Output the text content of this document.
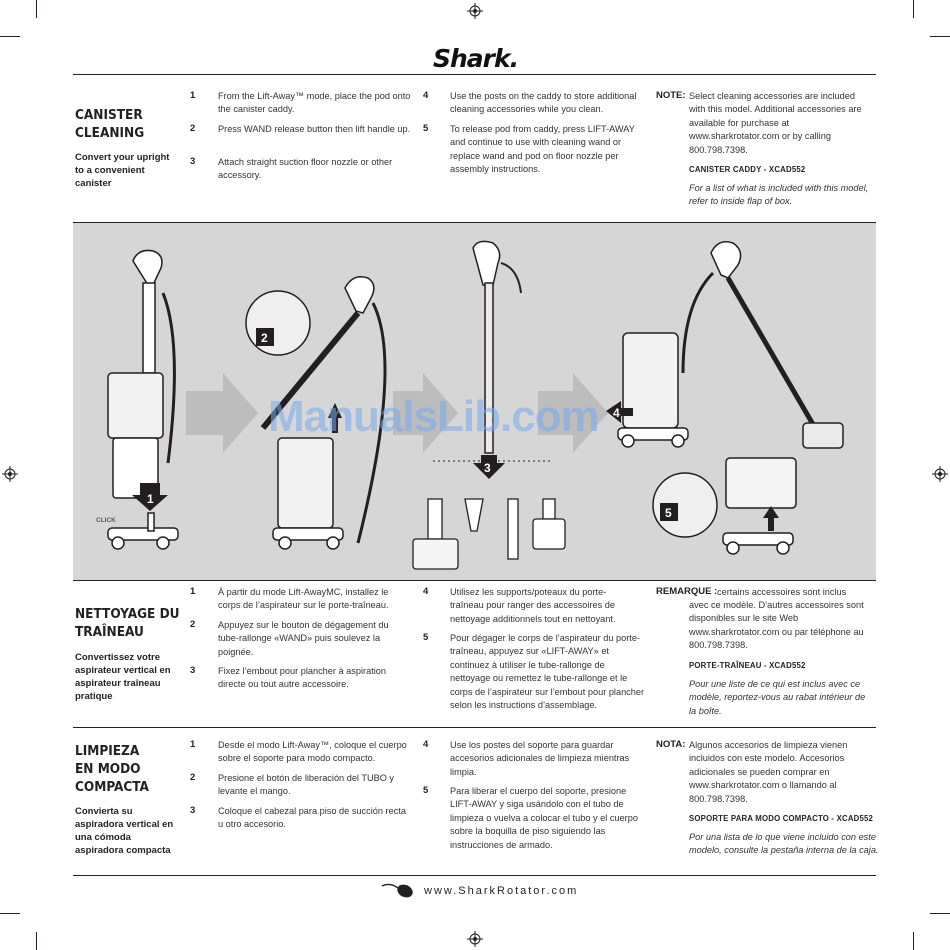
Shark.
CANISTER
CLEANING
Convert your upright to a convenient canister
1 From the Lift-Away™ mode, place the pod onto the canister caddy.
2 Press WAND release button then lift handle up.
3 Attach straight suction floor nozzle or other accessory.
4 Use the posts on the caddy to store additional cleaning accessories while you clean.
5 To release pod from caddy, press LIFT-AWAY and continue to use with cleaning wand or replace wand and pod on floor nozzle per assembly instructions.
NOTE: Select cleaning accessories are included with this model. Additional accessories are available for purchase at www.sharkrotator.com or by calling 800.798.7398.
CANISTER CADDY - XCAD552
For a list of what is included with this model, refer to inside flap of box.
CLICK
1
2
3
4
5
ManualsLib.com
NETTOYAGE DU
TRAÎNEAU
Convertissez votre aspirateur vertical en aspirateur traîneau pratique
1 À partir du mode Lift-AwayMC, installez le corps de l’aspirateur sur le porte-traîneau.
2 Appuyez sur le bouton de dégagement du tube-rallonge «WAND» puis soulevez la poignée.
3 Fixez l’embout pour plancher à aspiration directe ou tout autre accessoire.
4 Utilisez les supports/poteaux du porte-traîneau pour ranger des accessoires de nettoyage additionnels tout en nettoyant.
5 Pour dégager le corps de l’aspirateur du porte-traîneau, appuyez sur «LIFT-AWAY» et continuez à utiliser le tube-rallonge de nettoyage ou remettez le tube-rallonge et le corps de l’aspirateur sur l’embout pour plancher selon les instructions d’assemblage.
REMARQUE : certains accessoires sont inclus
avec ce modèle. D’autres accessoires sont disponibles sur le site Web www.sharkrotator.com ou par téléphone au 800.798.7398.
PORTE-TRAÎNEAU - XCAD552
Pour une liste de ce qui est inclus avec ce modèle, reportez-vous au rabat intérieur de la boîte.
LIMPIEZA
EN MODO
COMPACTA
Convierta su aspiradora vertical en una cómoda aspiradora compacta
1 Desde el modo Lift-Away™, coloque el cuerpo sobre el soporte para modo compacto.
2 Presione el botón de liberación del TUBO y levante el mango.
3 Coloque el cabezal para piso de succión recta u otro accesorio.
4 Use los postes del soporte para guardar accesorios adicionales de limpieza mientras limpia.
5 Para liberar el cuerpo del soporte, presione LIFT-AWAY y siga usándolo con el tubo de limpieza o vuelva a colocar el tubo y el cuerpo sobre la boquilla de piso siguiendo las instrucciones de armado.
NOTA: Algunos accesorios de limpieza vienen incluidos con este modelo. Accesorios adicionales se pueden comprar en www.sharkrotator.com o llamando al 800.798.7398.
SOPORTE PARA MODO COMPACTO - XCAD552
Por una lista de lo que viene incluido con este modelo, consulte la pestaña interna de la caja.
www.SharkRotator.com
